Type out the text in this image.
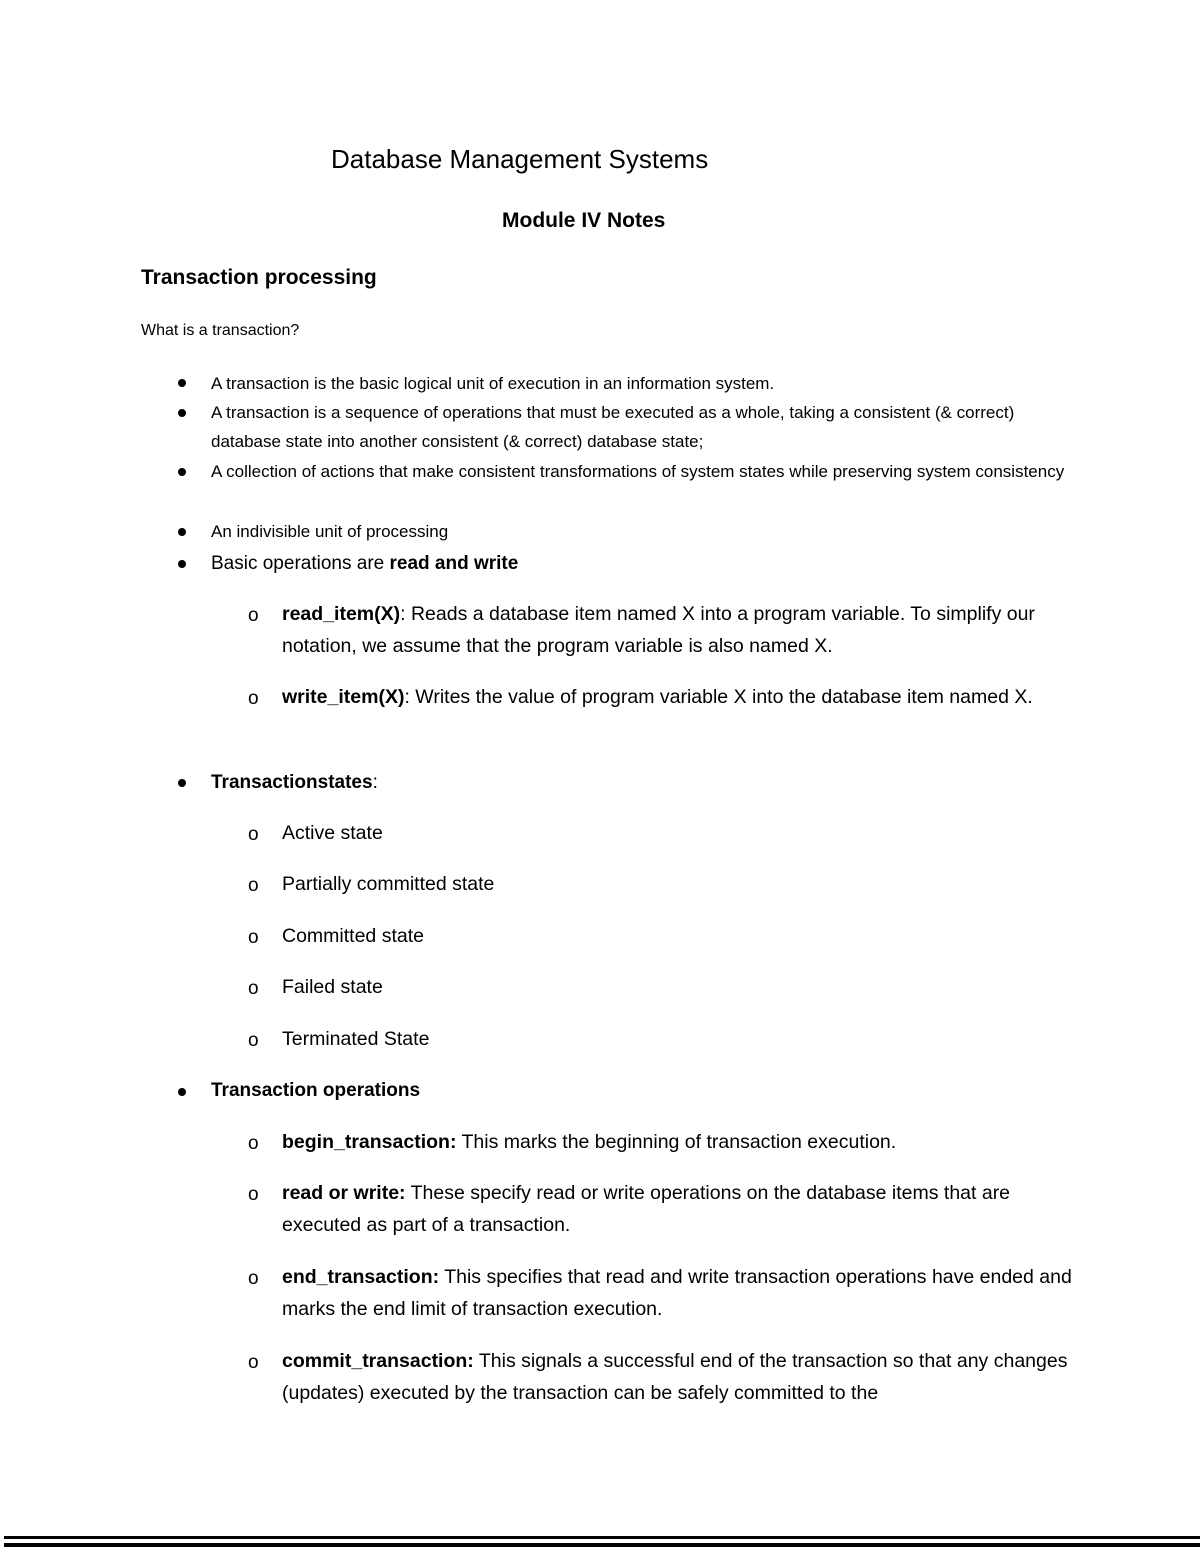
Database Management Systems
Module IV Notes
Transaction processing
What is a transaction?
A transaction is the basic logical unit of execution in an information system.
A transaction is a sequence of operations that must be executed as a whole, taking a consistent (& correct) database state into another consistent (& correct) database state;
A collection of actions that make consistent transformations of system states while preserving system consistency
An indivisible unit of processing
Basic operations are read and write
o read_item(X): Reads a database item named X into a program variable. To simplify our notation, we assume that the program variable is also named X.
o write_item(X): Writes the value of program variable X into the database item named X.
Transactionstates:
o Active state
o Partially committed state
o Committed state
o Failed state
o Terminated State
Transaction operations
o begin_transaction: This marks the beginning of transaction execution.
o read or write: These specify read or write operations on the database items that are executed as part of a transaction.
o end_transaction: This specifies that read and write transaction operations have ended and marks the end limit of transaction execution.
o commit_transaction: This signals a successful end of the transaction so that any changes (updates) executed by the transaction can be safely committed to the
